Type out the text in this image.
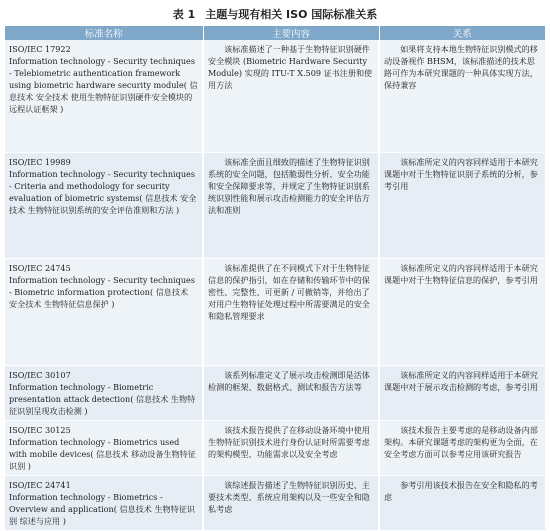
表 1 主题与现有相关 ISO 国际标准关系
标准名称	主要内容	关系

ISO/IEC 17922
Information technology - Security techniques - Telebiometric authentication framework using biometric hardware security module( 信息技术 安全技术 使用生物特征识别硬件安全模块的远程认证框架 )	该标准描述了一种基于生物特征识别硬件安全模块 (Biometric Hardware Security Module) 实现的 ITU-T X.509 证书注册和使用方法	如果将支持本地生物特征识别模式的移动设备视作 BHSM，该标准描述的技术思路可作为本研究课题的一种具体实现方法，保持兼容

ISO/IEC 19989
Information technology - Security techniques - Criteria and methodology for security evaluation of biometric systems( 信息技术 安全技术 生物特征识别系统的安全评估准则和方法 )	该标准全面且细致的描述了生物特征识别系统的安全问题，包括脆弱性分析、安全功能和安全保障要求等，并规定了生物特征识别系统识别性能和展示攻击检测能力的安全评估方法和准则	该标准所定义的内容同样适用于本研究课题中对于生物特征识别子系统的分析，参考引用

ISO/IEC 24745
Information technology - Security techniques - Biometric information protection( 信息技术 安全技术 生物特征信息保护 )	该标准提供了在不同模式下对于生物特征信息的保护指引，如在存储和传输环节中的保密性、完整性、可更新 / 可撤销等，并给出了对用户生物特征处理过程中所需要满足的安全和隐私管理要求	该标准所定义的内容同样适用于本研究课题中对于生物特征信息的保护，参考引用

ISO/IEC 30107
Information technology - Biometric presentation attack detection( 信息技术 生物特征识别呈现攻击检测 )	该系列标准定义了展示攻击检测即是活体检测的框架、数据格式、测试和报告方法等	该标准所定义的内容同样适用于本研究课题中对于展示攻击检测的考虑，参考引用

ISO/IEC 30125
Information technology - Biometrics used with mobile devices( 信息技术 移动设备生物特征识别 )	该技术报告提供了在移动设备环境中使用生物特征识别技术进行身份认证时所需要考虑的架构模型、功能需求以及安全考虑	该技术报告主要考虑的是移动设备内部架构。本研究课题考虑的架构更为全面，在安全考虑方面可以参考应用该研究报告

ISO/IEC 24741
Information technology - Biometrics - Overview and application( 信息技术 生物特征识别 综述与应用 )	该综述报告描述了生物特征识别历史、主要技术类型、系统应用架构以及一些安全和隐私考虑	参考引用该技术报告在安全和隐私的考虑
